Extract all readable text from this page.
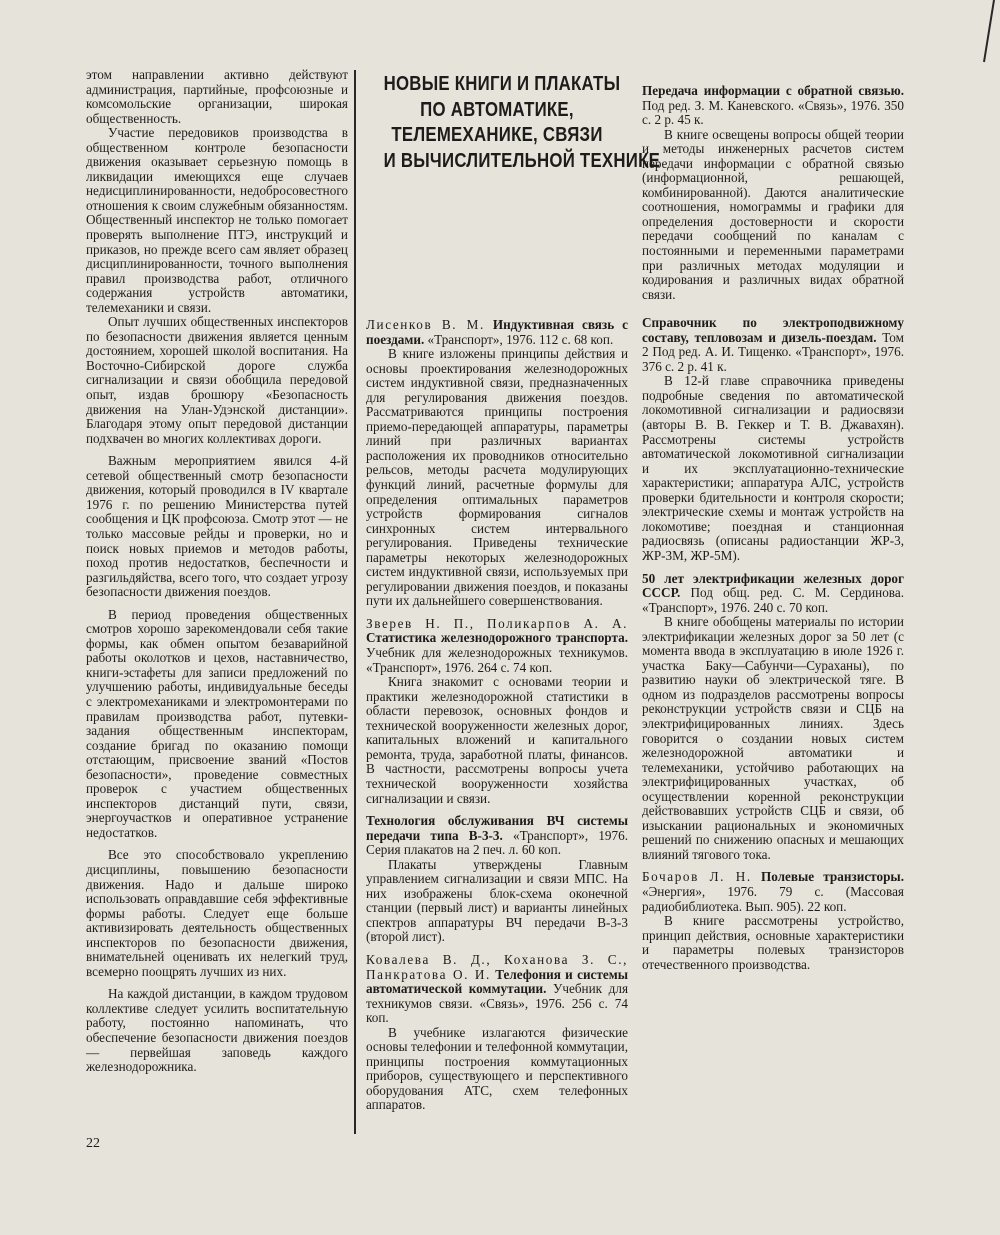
этом направлении активно действуют администрация, партийные, профсоюзные и комсомольские организации, широкая общественность.

Участие передовиков производства в общественном контроле безопасности движения оказывает серьезную помощь в ликвидации имеющихся еще случаев недисциплинированности, недобросовестного отношения к своим служебным обязанностям. Общественный инспектор не только помогает проверять выполнение ПТЭ, инструкций и приказов, но прежде всего сам являет образец дисциплинированности, точного выполнения правил производства работ, отличного содержания устройств автоматики, телемеханики и связи.

Опыт лучших общественных инспекторов по безопасности движения является ценным достоянием, хорошей школой воспитания. На Восточно-Сибирской дороге служба сигнализации и связи обобщила передовой опыт, издав брошюру «Безопасность движения на Улан-Удэнской дистанции». Благодаря этому опыт передовой дистанции подхвачен во многих коллективах дороги.

Важным мероприятием явился 4-й сетевой общественный смотр безопасности движения, который проводился в IV квартале 1976 г. по решению Министерства путей сообщения и ЦК профсоюза. Смотр этот — не только массовые рейды и проверки, но и поиск новых приемов и методов работы, поход против недостатков, беспечности и разгильдяйства, всего того, что создает угрозу безопасности движения поездов.

В период проведения общественных смотров хорошо зарекомендовали себя такие формы, как обмен опытом безаварийной работы околотков и цехов, наставничество, книги-эстафеты для записи предложений по улучшению работы, индивидуальные беседы с электромеханиками и электромонтерами по правилам производства работ, путевки-задания общественным инспекторам, создание бригад по оказанию помощи отстающим, присвоение званий «Постов безопасности», проведение совместных проверок с участием общественных инспекторов дистанций пути, связи, энергоучастков и оперативное устранение недостатков.

Все это способствовало укреплению дисциплины, повышению безопасности движения. Надо и дальше широко использовать оправдавшие себя эффективные формы работы. Следует еще больше активизировать деятельность общественных инспекторов по безопасности движения, внимательней оценивать их нелегкий труд, всемерно поощрять лучших из них.

На каждой дистанции, в каждом трудовом коллективе следует усилить воспитательную работу, постоянно напоминать, что обеспечение безопасности движения поездов — первейшая заповедь каждого железнодорожника.

НОВЫЕ КНИГИ И ПЛАКАТЫ
ПО АВТОМАТИКЕ,
ТЕЛЕМЕХАНИКЕ, СВЯЗИ
И ВЫЧИСЛИТЕЛЬНОЙ ТЕХНИКЕ

Лисенков В. М. Индуктивная связь с поездами. «Транспорт», 1976. 112 с. 68 коп.

В книге изложены принципы действия и основы проектирования железнодорожных систем индуктивной связи, предназначенных для регулирования движения поездов. Рассматриваются принципы построения приемо-передающей аппаратуры, параметры линий при различных вариантах расположения их проводников относительно рельсов, методы расчета модулирующих функций линий, расчетные формулы для определения оптимальных параметров устройств формирования сигналов синхронных систем интервального регулирования. Приведены технические параметры некоторых железнодорожных систем индуктивной связи, используемых при регулировании движения поездов, и показаны пути их дальнейшего совершенствования.

Зверев Н. П., Поликарпов А. А. Статистика железнодорожного транспорта. Учебник для железнодорожных техникумов. «Транспорт», 1976. 264 с. 74 коп.

Книга знакомит с основами теории и практики железнодорожной статистики в области перевозок, основных фондов и технической вооруженности железных дорог, капитальных вложений и капитального ремонта, труда, заработной платы, финансов. В частности, рассмотрены вопросы учета технической вооруженности хозяйства сигнализации и связи.

Технология обслуживания ВЧ системы передачи типа В-3-3. «Транспорт», 1976. Серия плакатов на 2 печ. л. 60 коп.

Плакаты утверждены Главным управлением сигнализации и связи МПС. На них изображены блок-схема оконечной станции (первый лист) и варианты линейных спектров аппаратуры ВЧ передачи В-3-3 (второй лист).

Ковалева В. Д., Коханова З. С., Панкратова О. И. Телефония и системы автоматической коммутации. Учебник для техникумов связи. «Связь», 1976. 256 с. 74 коп.

В учебнике излагаются физические основы телефонии и телефонной коммутации, принципы построения коммутационных приборов, существующего и перспективного оборудования АТС, схем телефонных аппаратов.

Передача информации с обратной связью. Под ред. З. М. Каневского. «Связь», 1976. 350 с. 2 р. 45 к.

В книге освещены вопросы общей теории и методы инженерных расчетов систем передачи информации с обратной связью (информационной, решающей, комбинированной). Даются аналитические соотношения, номограммы и графики для определения достоверности и скорости передачи сообщений по каналам с постоянными и переменными параметрами при различных методах модуляции и кодирования и различных видах обратной связи.

Справочник по электроподвижному составу, тепловозам и дизель-поездам. Том 2 Под ред. А. И. Тищенко. «Транспорт», 1976. 376 с. 2 р. 41 к.

В 12-й главе справочника приведены подробные сведения по автоматической локомотивной сигнализации и радиосвязи (авторы В. В. Геккер и Т. В. Джавахян). Рассмотрены системы устройств автоматической локомотивной сигнализации и их эксплуатационно-технические характеристики; аппаратура АЛС, устройств проверки бдительности и контроля скорости; электрические схемы и монтаж устройств на локомотиве; поездная и станционная радиосвязь (описаны радиостанции ЖР-3, ЖР-3М, ЖР-5М).

50 лет электрификации железных дорог СССР. Под общ. ред. С. М. Сердинова. «Транспорт», 1976. 240 с. 70 коп.

В книге обобщены материалы по истории электрификации железных дорог за 50 лет (с момента ввода в эксплуатацию в июле 1926 г. участка Баку—Сабунчи—Сураханы), по развитию науки об электрической тяге. В одном из подразделов рассмотрены вопросы реконструкции устройств связи и СЦБ на электрифицированных линиях. Здесь говорится о создании новых систем железнодорожной автоматики и телемеханики, устойчиво работающих на электрифицированных участках, об осуществлении коренной реконструкции действовавших устройств СЦБ и связи, об изыскании рациональных и экономичных решений по снижению опасных и мешающих влияний тягового тока.

Бочаров Л. Н. Полевые транзисторы. «Энергия», 1976. 79 с. (Массовая радиобиблиотека. Вып. 905). 22 коп.

В книге рассмотрены устройство, принцип действия, основные характеристики и параметры полевых транзисторов отечественного производства.

22
